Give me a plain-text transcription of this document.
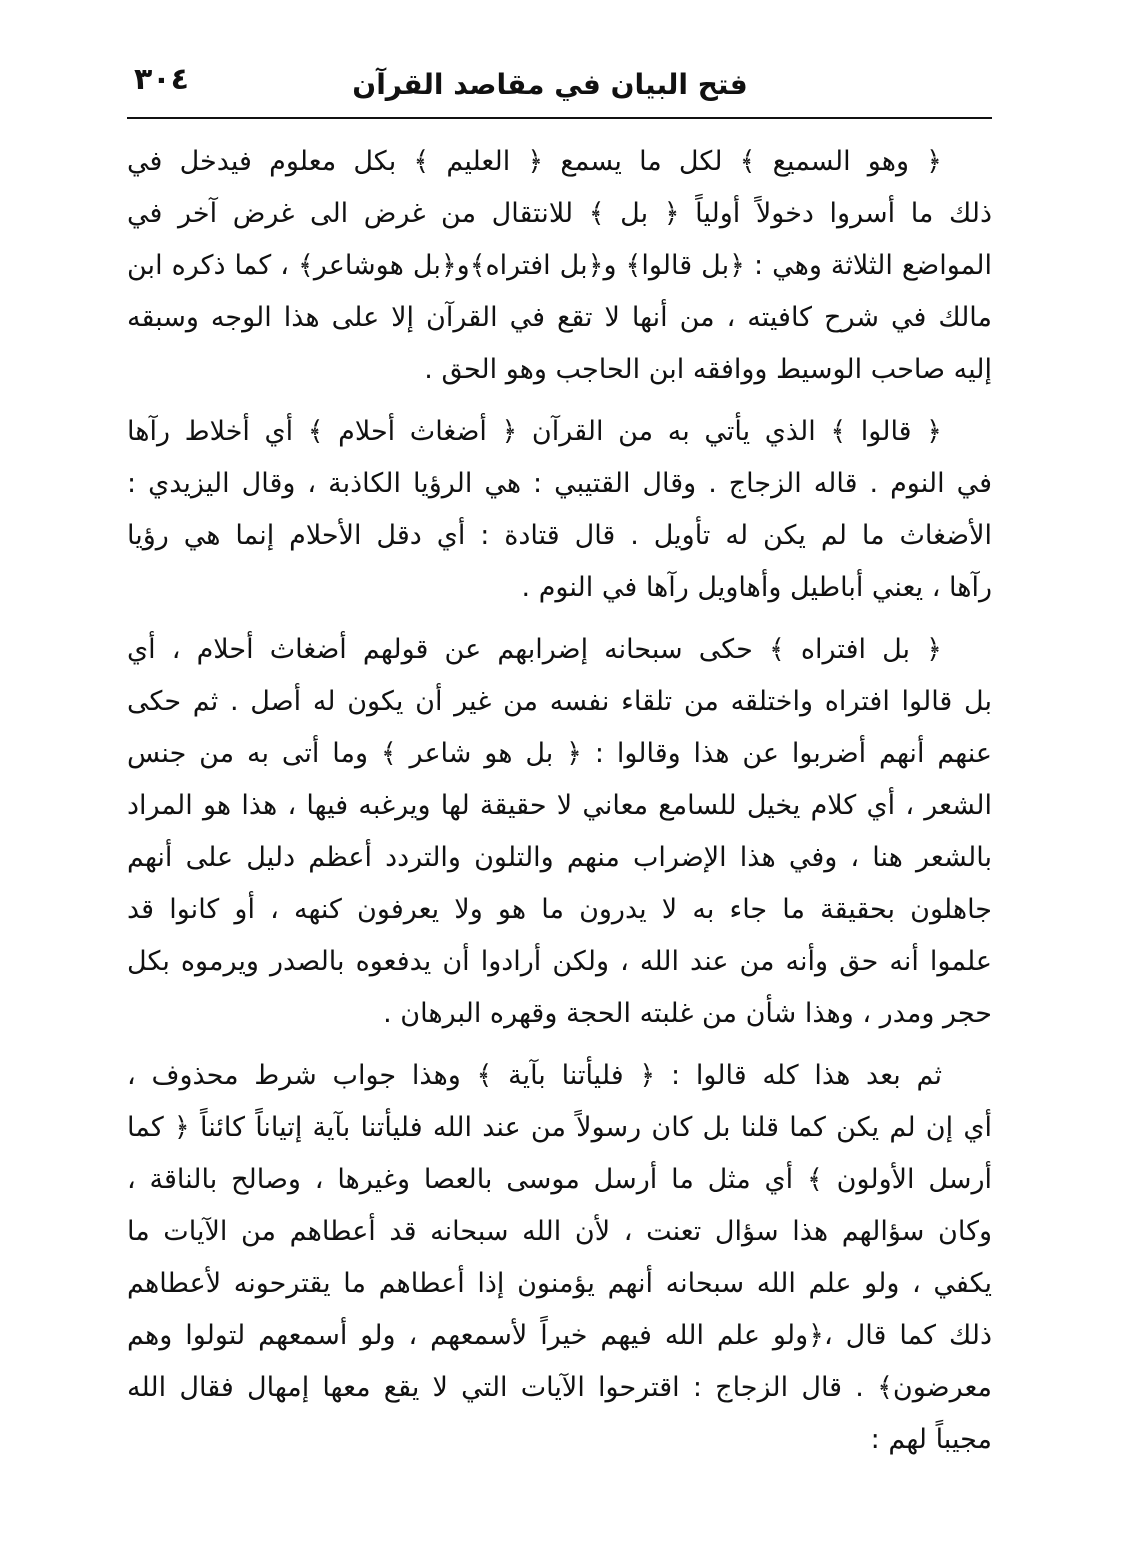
٣٠٤	فتح البيان في مقاصد القرآن
﴿ وهو السميع ﴾ لكل ما يسمع ﴿ العليم ﴾ بكل معلوم فيدخل في
ذلك ما أسروا دخولاً أولياً ﴿ بل ﴾ للانتقال من غرض الى غرض آخر في
المواضع الثلاثة وهي : ﴿بل قالوا﴾ و﴿بل افتراه﴾و﴿بل هوشاعر﴾ ، كما ذكره ابن
مالك في شرح كافيته ، من أنها لا تقع في القرآن إلا على هذا الوجه وسبقه
إليه صاحب الوسيط ووافقه ابن الحاجب وهو الحق .
﴿ قالوا ﴾ الذي يأتي به من القرآن ﴿ أضغاث أحلام ﴾ أي أخلاط رآها
في النوم . قاله الزجاج . وقال القتيبي : هي الرؤيا الكاذبة ، وقال اليزيدي :
الأضغاث ما لم يكن له تأويل . قال قتادة : أي دقل الأحلام إنما هي رؤيا
رآها ، يعني أباطيل وأهاويل رآها في النوم .
﴿ بل افتراه ﴾ حكى سبحانه إضرابهم عن قولهم أضغاث أحلام ، أي
بل قالوا افتراه واختلقه من تلقاء نفسه من غير أن يكون له أصل . ثم حكى
عنهم أنهم أضربوا عن هذا وقالوا : ﴿ بل هو شاعر ﴾ وما أتى به من جنس
الشعر ، أي كلام يخيل للسامع معاني لا حقيقة لها ويرغبه فيها ، هذا هو المراد
بالشعر هنا ، وفي هذا الإضراب منهم والتلون والتردد أعظم دليل على أنهم
جاهلون بحقيقة ما جاء به لا يدرون ما هو ولا يعرفون كنهه ، أو كانوا قد
علموا أنه حق وأنه من عند الله ، ولكن أرادوا أن يدفعوه بالصدر ويرموه بكل
حجر ومدر ، وهذا شأن من غلبته الحجة وقهره البرهان .
ثم بعد هذا كله قالوا : ﴿ فليأتنا بآية ﴾ وهذا جواب شرط محذوف ،
أي إن لم يكن كما قلنا بل كان رسولاً من عند الله فليأتنا بآية إتياناً كائناً ﴿ كما
أرسل الأولون ﴾ أي مثل ما أرسل موسى بالعصا وغيرها ، وصالح بالناقة ،
وكان سؤالهم هذا سؤال تعنت ، لأن الله سبحانه قد أعطاهم من الآيات ما
يكفي ، ولو علم الله سبحانه أنهم يؤمنون إذا أعطاهم ما يقترحونه لأعطاهم
ذلك كما قال ،﴿ولو علم الله فيهم خيراً لأسمعهم ، ولو أسمعهم لتولوا وهم
معرضون﴾ . قال الزجاج : اقترحوا الآيات التي لا يقع معها إمهال فقال الله
مجيباً لهم :
